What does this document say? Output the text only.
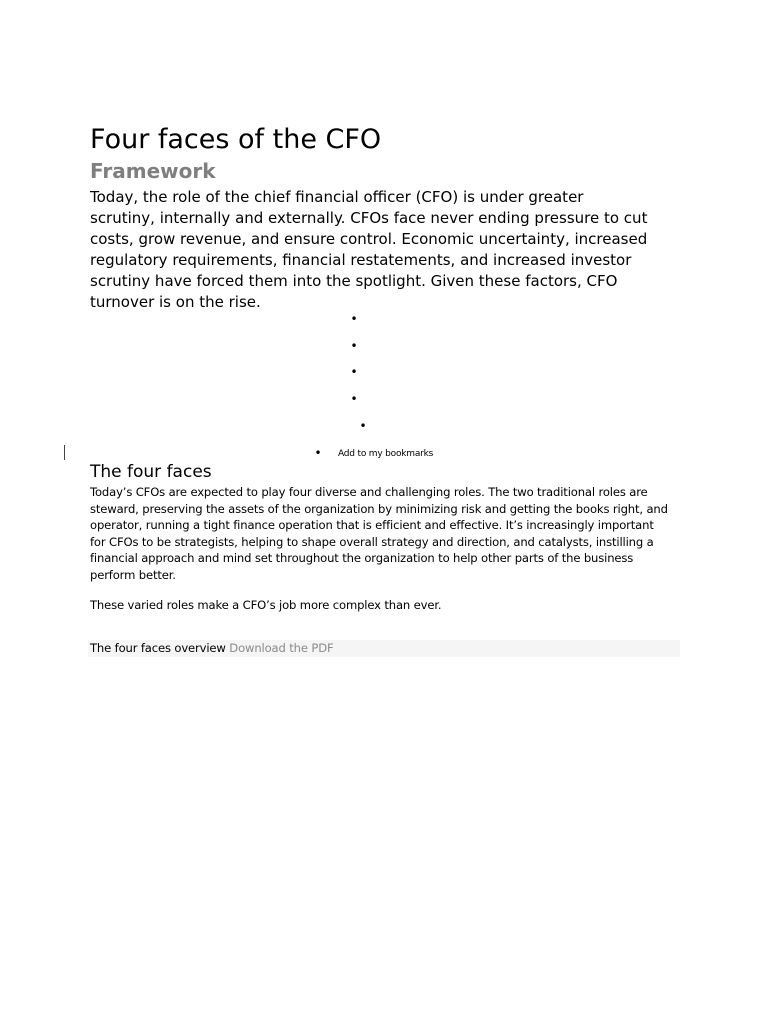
Four faces of the CFO
Framework

Today, the role of the chief financial officer (CFO) is under greater scrutiny, internally and externally. CFOs face never ending pressure to cut costs, grow revenue, and ensure control. Economic uncertainty, increased regulatory requirements, financial restatements, and increased investor scrutiny have forced them into the spotlight. Given these factors, CFO turnover is on the rise.

•
•
•
•
•
• Add to my bookmarks
The four faces

Today’s CFOs are expected to play four diverse and challenging roles. The two traditional roles are steward, preserving the assets of the organization by minimizing risk and getting the books right, and operator, running a tight finance operation that is efficient and effective. It’s increasingly important for CFOs to be strategists, helping to shape overall strategy and direction, and catalysts, instilling a financial approach and mind set throughout the organization to help other parts of the business perform better.

These varied roles make a CFO’s job more complex than ever.

The four faces overview Download the PDF
